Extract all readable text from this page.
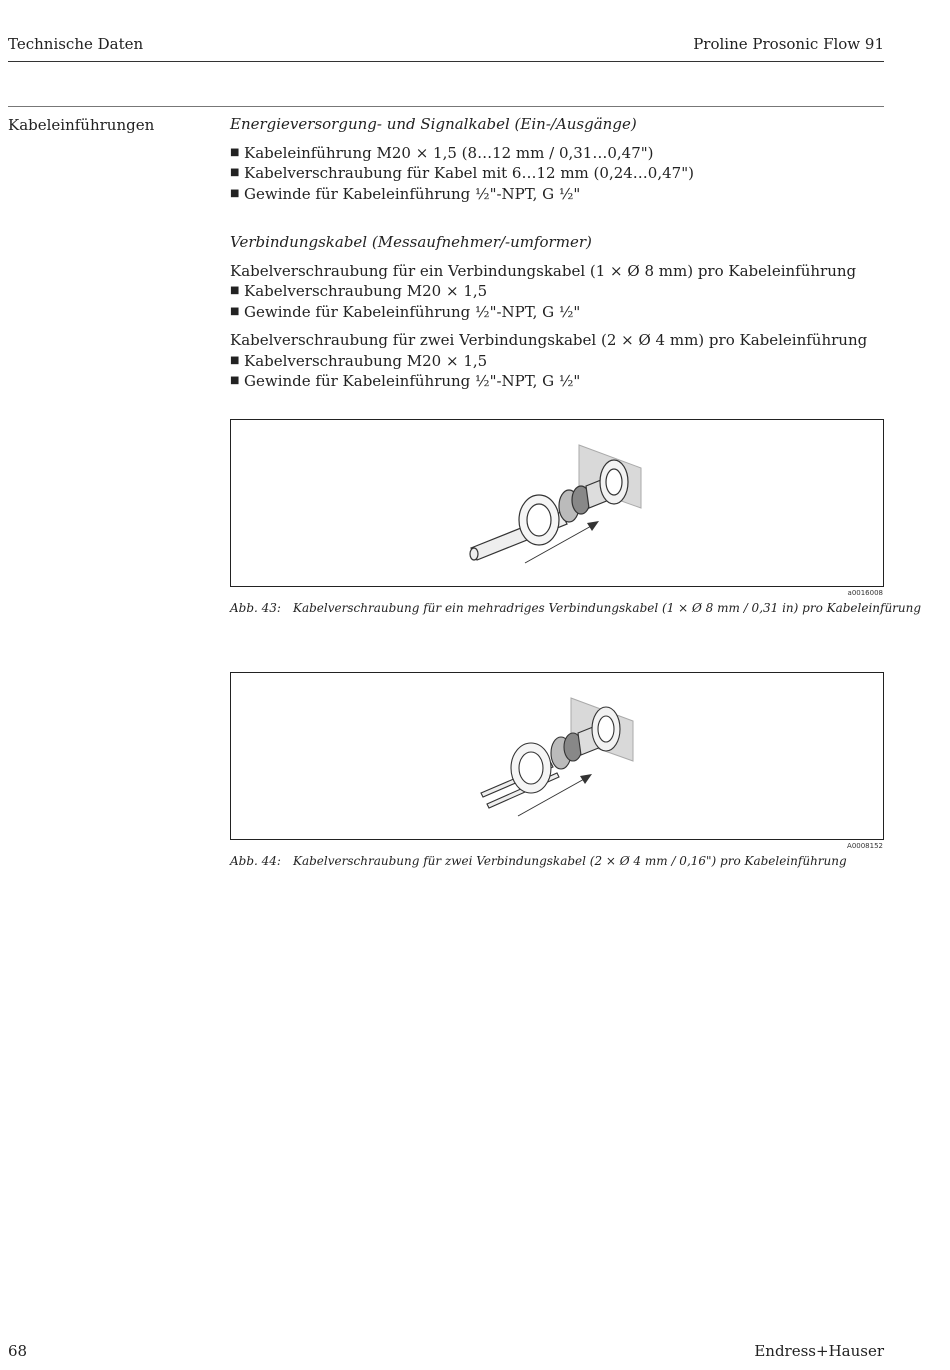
Technische Daten	Proline Prosonic Flow 91
Kabeleinführungen	Energieversorgung- und Signalkabel (Ein-/Ausgänge)

■ Kabeleinführung M20 × 1,5 (8…12 mm / 0,31…0,47")
■ Kabelverschraubung für Kabel mit 6…12 mm (0,24…0,47")
■ Gewinde für Kabeleinführung ½"-NPT, G ½"

Verbindungskabel (Messaufnehmer/-umformer)

Kabelverschraubung für ein Verbindungskabel (1 × Ø 8 mm) pro Kabeleinführung

■ Kabelverschraubung M20 × 1,5
■ Gewinde für Kabeleinführung ½"-NPT, G ½"

Kabelverschraubung für zwei Verbindungskabel (2 × Ø 4 mm) pro Kabeleinführung

■ Kabelverschraubung M20 × 1,5
■ Gewinde für Kabeleinführung ½"-NPT, G ½"
a0016008
Abb. 43: Kabelverschraubung für ein mehradriges Verbindungskabel (1 × Ø 8 mm / 0,31 in) pro Kabeleinfürung
A0008152
Abb. 44: Kabelverschraubung für zwei Verbindungskabel (2 × Ø 4 mm / 0,16") pro Kabeleinführung
68	Endress+Hauser
